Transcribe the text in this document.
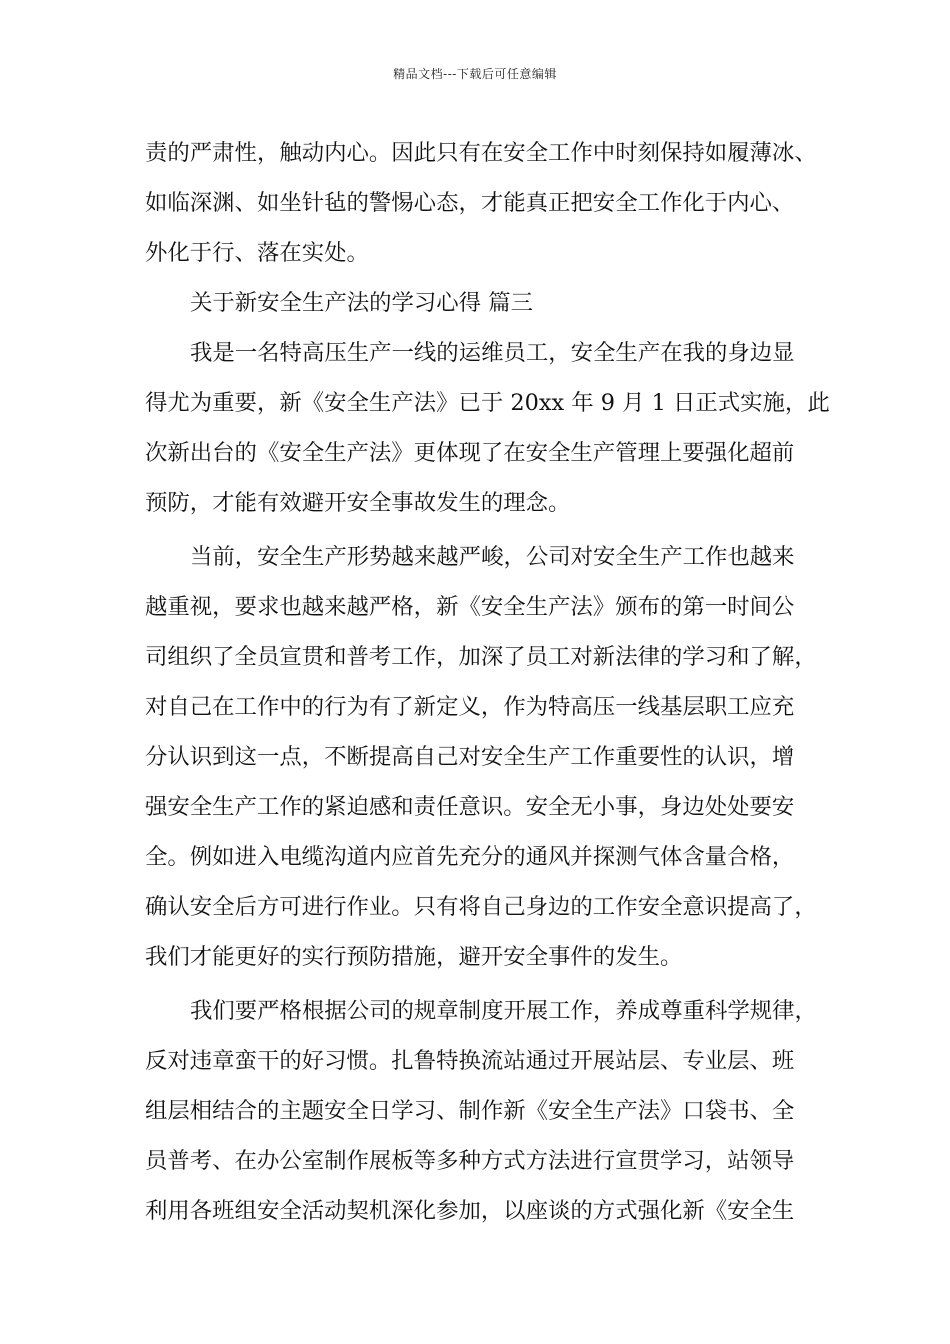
精品文档---下载后可任意编辑
责的严肃性，触动内心。因此只有在安全工作中时刻保持如履薄冰、
如临深渊、如坐针毡的警惕心态，才能真正把安全工作化于内心、
外化于行、落在实处。
关于新安全生产法的学习心得 篇三
我是一名特高压生产一线的运维员工，安全生产在我的身边显
得尤为重要，新《安全生产法》已于 20xx 年 9 月 1 日正式实施，此
次新出台的《安全生产法》更体现了在安全生产管理上要强化超前
预防，才能有效避开安全事故发生的理念。
当前，安全生产形势越来越严峻，公司对安全生产工作也越来
越重视，要求也越来越严格，新《安全生产法》颁布的第一时间公
司组织了全员宣贯和普考工作，加深了员工对新法律的学习和了解，
对自己在工作中的行为有了新定义，作为特高压一线基层职工应充
分认识到这一点，不断提高自己对安全生产工作重要性的认识，增
强安全生产工作的紧迫感和责任意识。安全无小事，身边处处要安
全。例如进入电缆沟道内应首先充分的通风并探测气体含量合格，
确认安全后方可进行作业。只有将自己身边的工作安全意识提高了，
我们才能更好的实行预防措施，避开安全事件的发生。
我们要严格根据公司的规章制度开展工作，养成尊重科学规律，
反对违章蛮干的好习惯。扎鲁特换流站通过开展站层、专业层、班
组层相结合的主题安全日学习、制作新《安全生产法》口袋书、全
员普考、在办公室制作展板等多种方式方法进行宣贯学习，站领导
利用各班组安全活动契机深化参加，以座谈的方式强化新《安全生
